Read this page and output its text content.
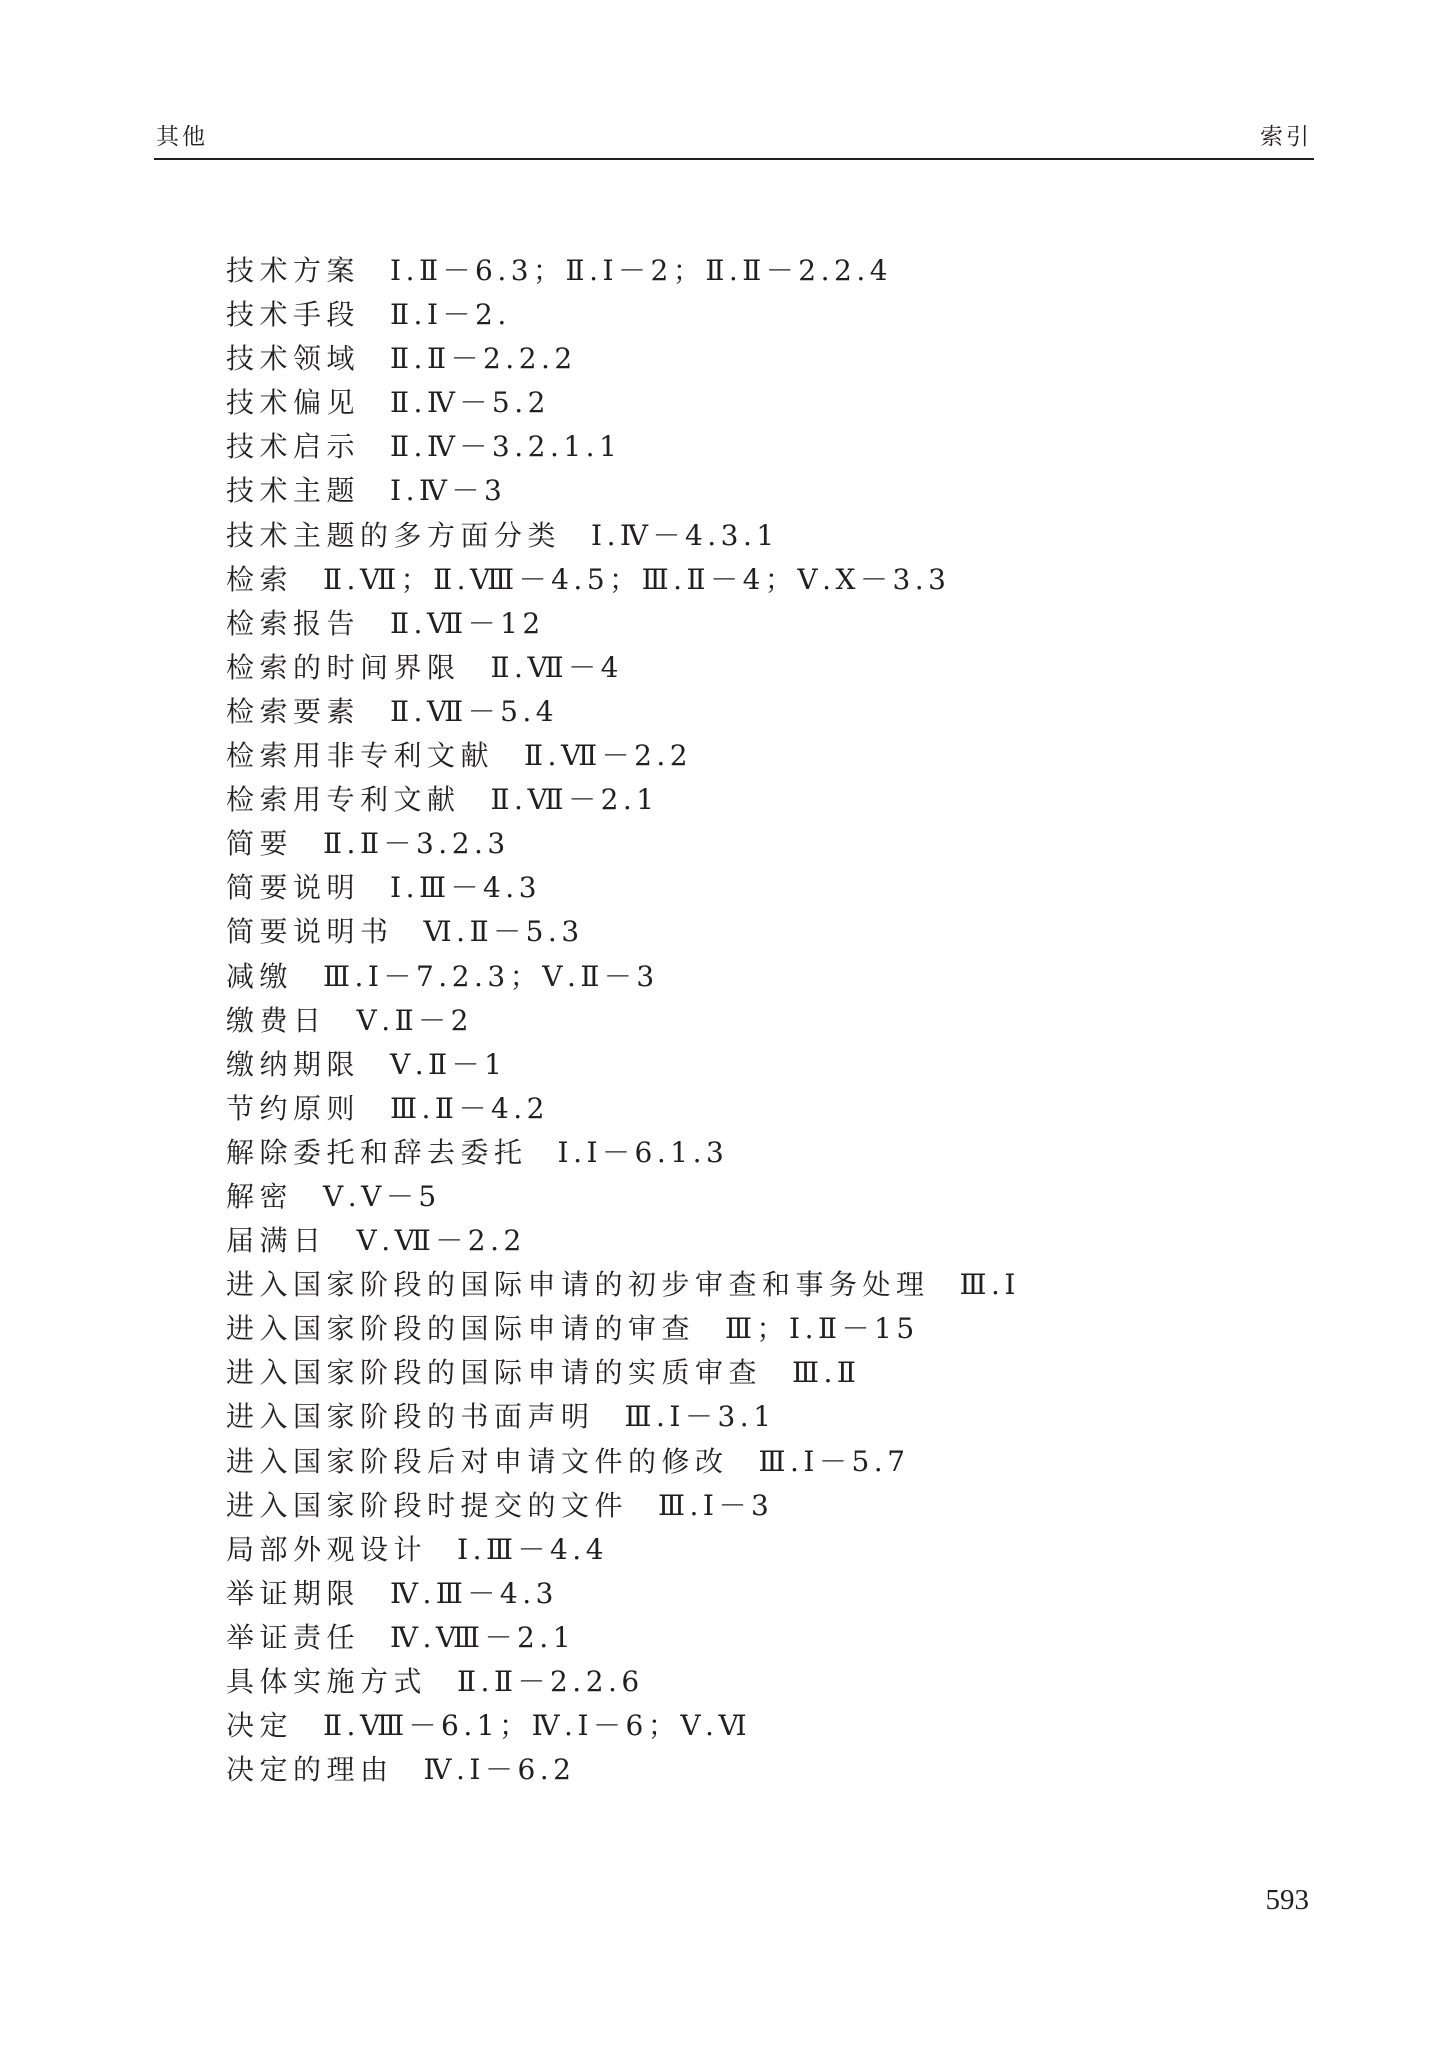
其他	索引
技术方案 Ⅰ.Ⅱ－6.3；Ⅱ.Ⅰ－2；Ⅱ.Ⅱ－2.2.4
技术手段 Ⅱ.Ⅰ－2.
技术领域 Ⅱ.Ⅱ－2.2.2
技术偏见 Ⅱ.Ⅳ－5.2
技术启示 Ⅱ.Ⅳ－3.2.1.1
技术主题 Ⅰ.Ⅳ－3
技术主题的多方面分类 Ⅰ.Ⅳ－4.3.1
检索 Ⅱ.Ⅶ；Ⅱ.Ⅷ－4.5；Ⅲ.Ⅱ－4；Ⅴ.Ⅹ－3.3
检索报告 Ⅱ.Ⅶ－12
检索的时间界限 Ⅱ.Ⅶ－4
检索要素 Ⅱ.Ⅶ－5.4
检索用非专利文献 Ⅱ.Ⅶ－2.2
检索用专利文献 Ⅱ.Ⅶ－2.1
简要 Ⅱ.Ⅱ－3.2.3
简要说明 Ⅰ.Ⅲ－4.3
简要说明书 Ⅵ.Ⅱ－5.3
减缴 Ⅲ.Ⅰ－7.2.3；Ⅴ.Ⅱ－3
缴费日 Ⅴ.Ⅱ－2
缴纳期限 Ⅴ.Ⅱ－1
节约原则 Ⅲ.Ⅱ－4.2
解除委托和辞去委托 Ⅰ.Ⅰ－6.1.3
解密 Ⅴ.Ⅴ－5
届满日 Ⅴ.Ⅶ－2.2
进入国家阶段的国际申请的初步审查和事务处理 Ⅲ.Ⅰ
进入国家阶段的国际申请的审查 Ⅲ；Ⅰ.Ⅱ－15
进入国家阶段的国际申请的实质审查 Ⅲ.Ⅱ
进入国家阶段的书面声明 Ⅲ.Ⅰ－3.1
进入国家阶段后对申请文件的修改 Ⅲ.Ⅰ－5.7
进入国家阶段时提交的文件 Ⅲ.Ⅰ－3
局部外观设计 Ⅰ.Ⅲ－4.4
举证期限 Ⅳ.Ⅲ－4.3
举证责任 Ⅳ.Ⅷ－2.1
具体实施方式 Ⅱ.Ⅱ－2.2.6
决定 Ⅱ.Ⅷ－6.1；Ⅳ.Ⅰ－6；Ⅴ.Ⅵ
决定的理由 Ⅳ.Ⅰ－6.2
593
